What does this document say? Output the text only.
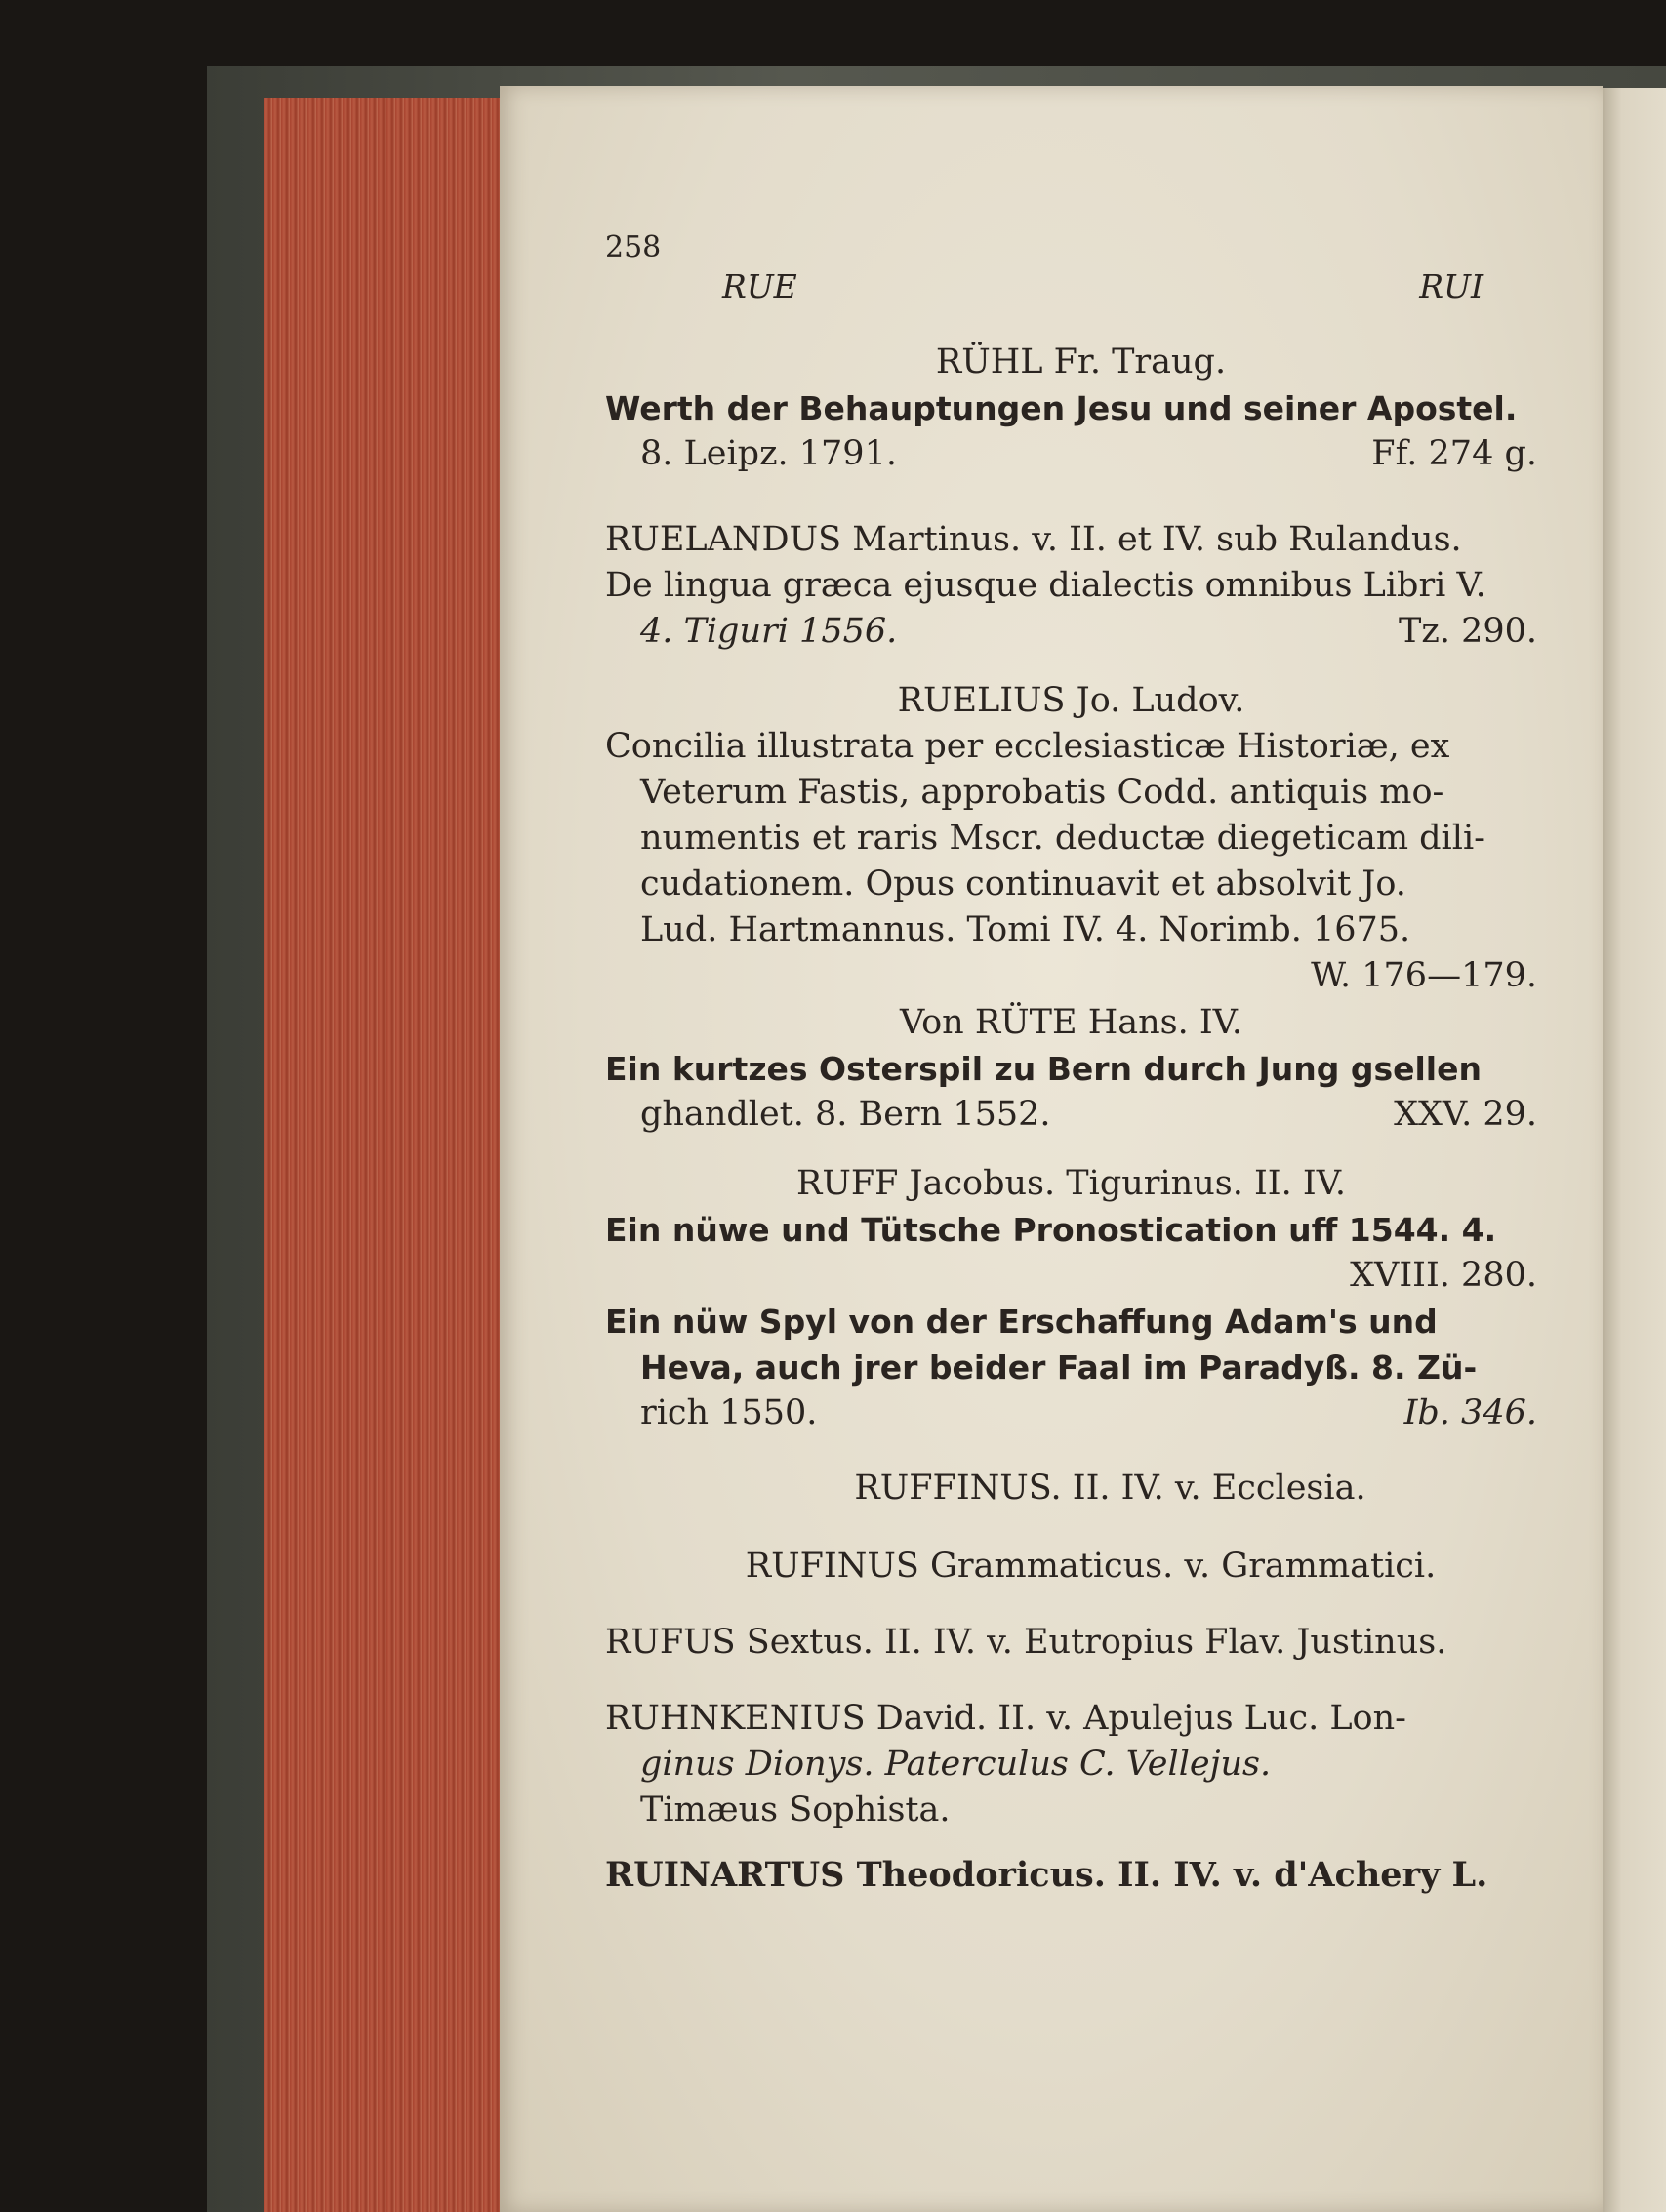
258
RUE	RUI
RÜHL Fr. Traug.
Werth der Behauptungen Jesu und seiner Apostel.
8. Leipz. 1791.	Ff. 274 g.
RUELANDUS Martinus. v. II. et IV. sub Rulandus.
De lingua græca ejusque dialectis omnibus Libri V.
4. Tiguri 1556.	Tz. 290.
RUELIUS Jo. Ludov.
Concilia illustrata per ecclesiasticæ Historiæ, ex
Veterum Fastis, approbatis Codd. antiquis mo-
numentis et raris Mscr. deductæ diegeticam dili-
cudationem. Opus continuavit et absolvit Jo.
Lud. Hartmannus. Tomi IV. 4. Norimb. 1675.
W. 176—179.
Von RÜTE Hans. IV.
Ein kurtzes Osterspil zu Bern durch Jung gsellen
ghandlet. 8. Bern 1552.	XXV. 29.
RUFF Jacobus. Tigurinus. II. IV.
Ein nüwe und Tütsche Pronostication uff 1544. 4.
XVIII. 280.
Ein nüw Spyl von der Erschaffung Adam's und
Heva, auch jrer beider Faal im Paradyß. 8. Zü-
rich 1550.	Ib. 346.
RUFFINUS. II. IV. v. Ecclesia.
RUFINUS Grammaticus. v. Grammatici.
RUFUS Sextus. II. IV. v. Eutropius Flav. Justinus.
RUHNKENIUS David. II. v. Apulejus Luc. Lon-
ginus Dionys. Paterculus C. Vellejus.
Timæus Sophista.
RUINARTUS Theodoricus. II. IV. v. d'Achery L.
